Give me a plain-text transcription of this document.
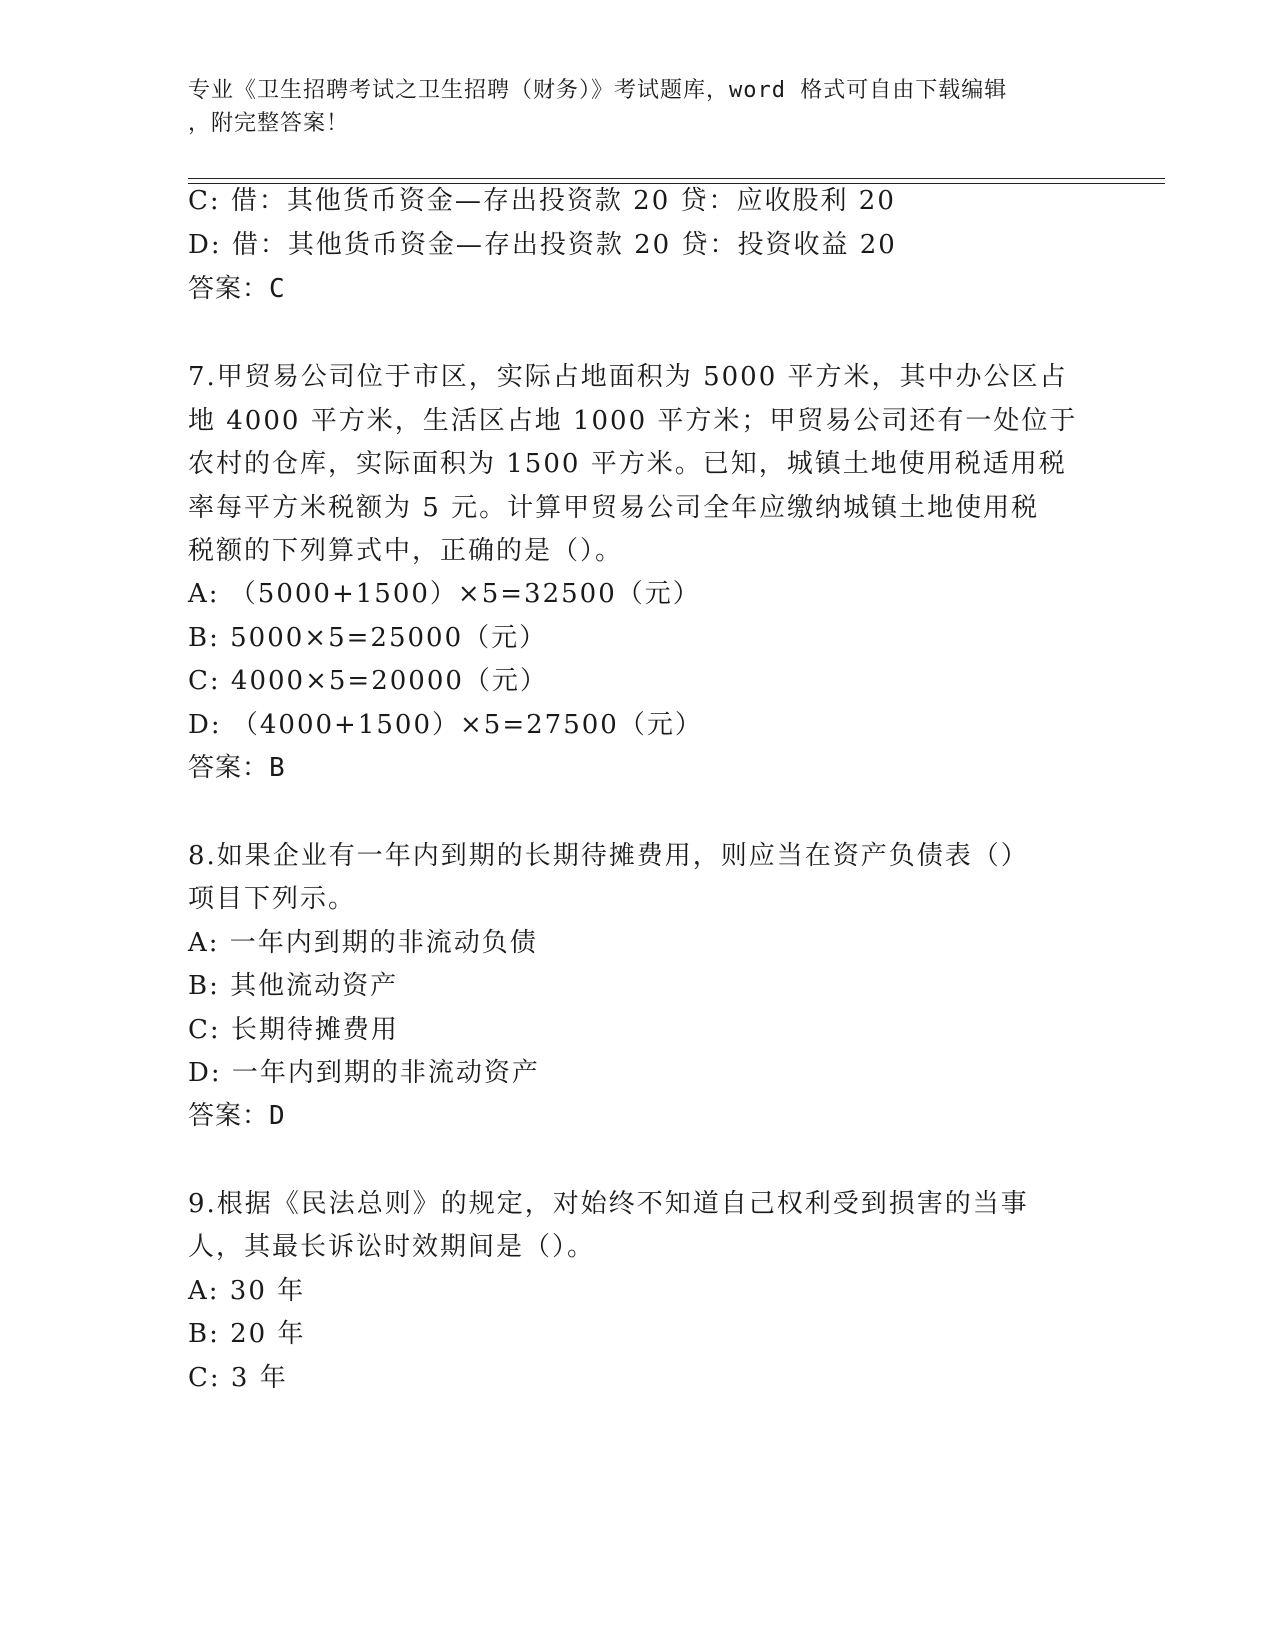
专业《卫生招聘考试之卫生招聘（财务）》考试题库，word 格式可自由下载编辑
，附完整答案！
C: 借：其他货币资金—存出投资款 20 贷：应收股利 20
D: 借：其他货币资金—存出投资款 20 贷：投资收益 20
答案：C
7.甲贸易公司位于市区，实际占地面积为 5000 平方米，其中办公区占
地 4000 平方米，生活区占地 1000 平方米；甲贸易公司还有一处位于
农村的仓库，实际面积为 1500 平方米。已知，城镇土地使用税适用税
率每平方米税额为 5 元。计算甲贸易公司全年应缴纳城镇土地使用税
税额的下列算式中，正确的是（）。
A: （5000+1500）×5=32500（元）
B: 5000×5=25000（元）
C: 4000×5=20000（元）
D: （4000+1500）×5=27500（元）
答案：B
8.如果企业有一年内到期的长期待摊费用，则应当在资产负债表（）
项目下列示。
A: 一年内到期的非流动负债
B: 其他流动资产
C: 长期待摊费用
D: 一年内到期的非流动资产
答案：D
9.根据《民法总则》的规定，对始终不知道自己权利受到损害的当事
人，其最长诉讼时效期间是（）。
A: 30 年
B: 20 年
C: 3 年
